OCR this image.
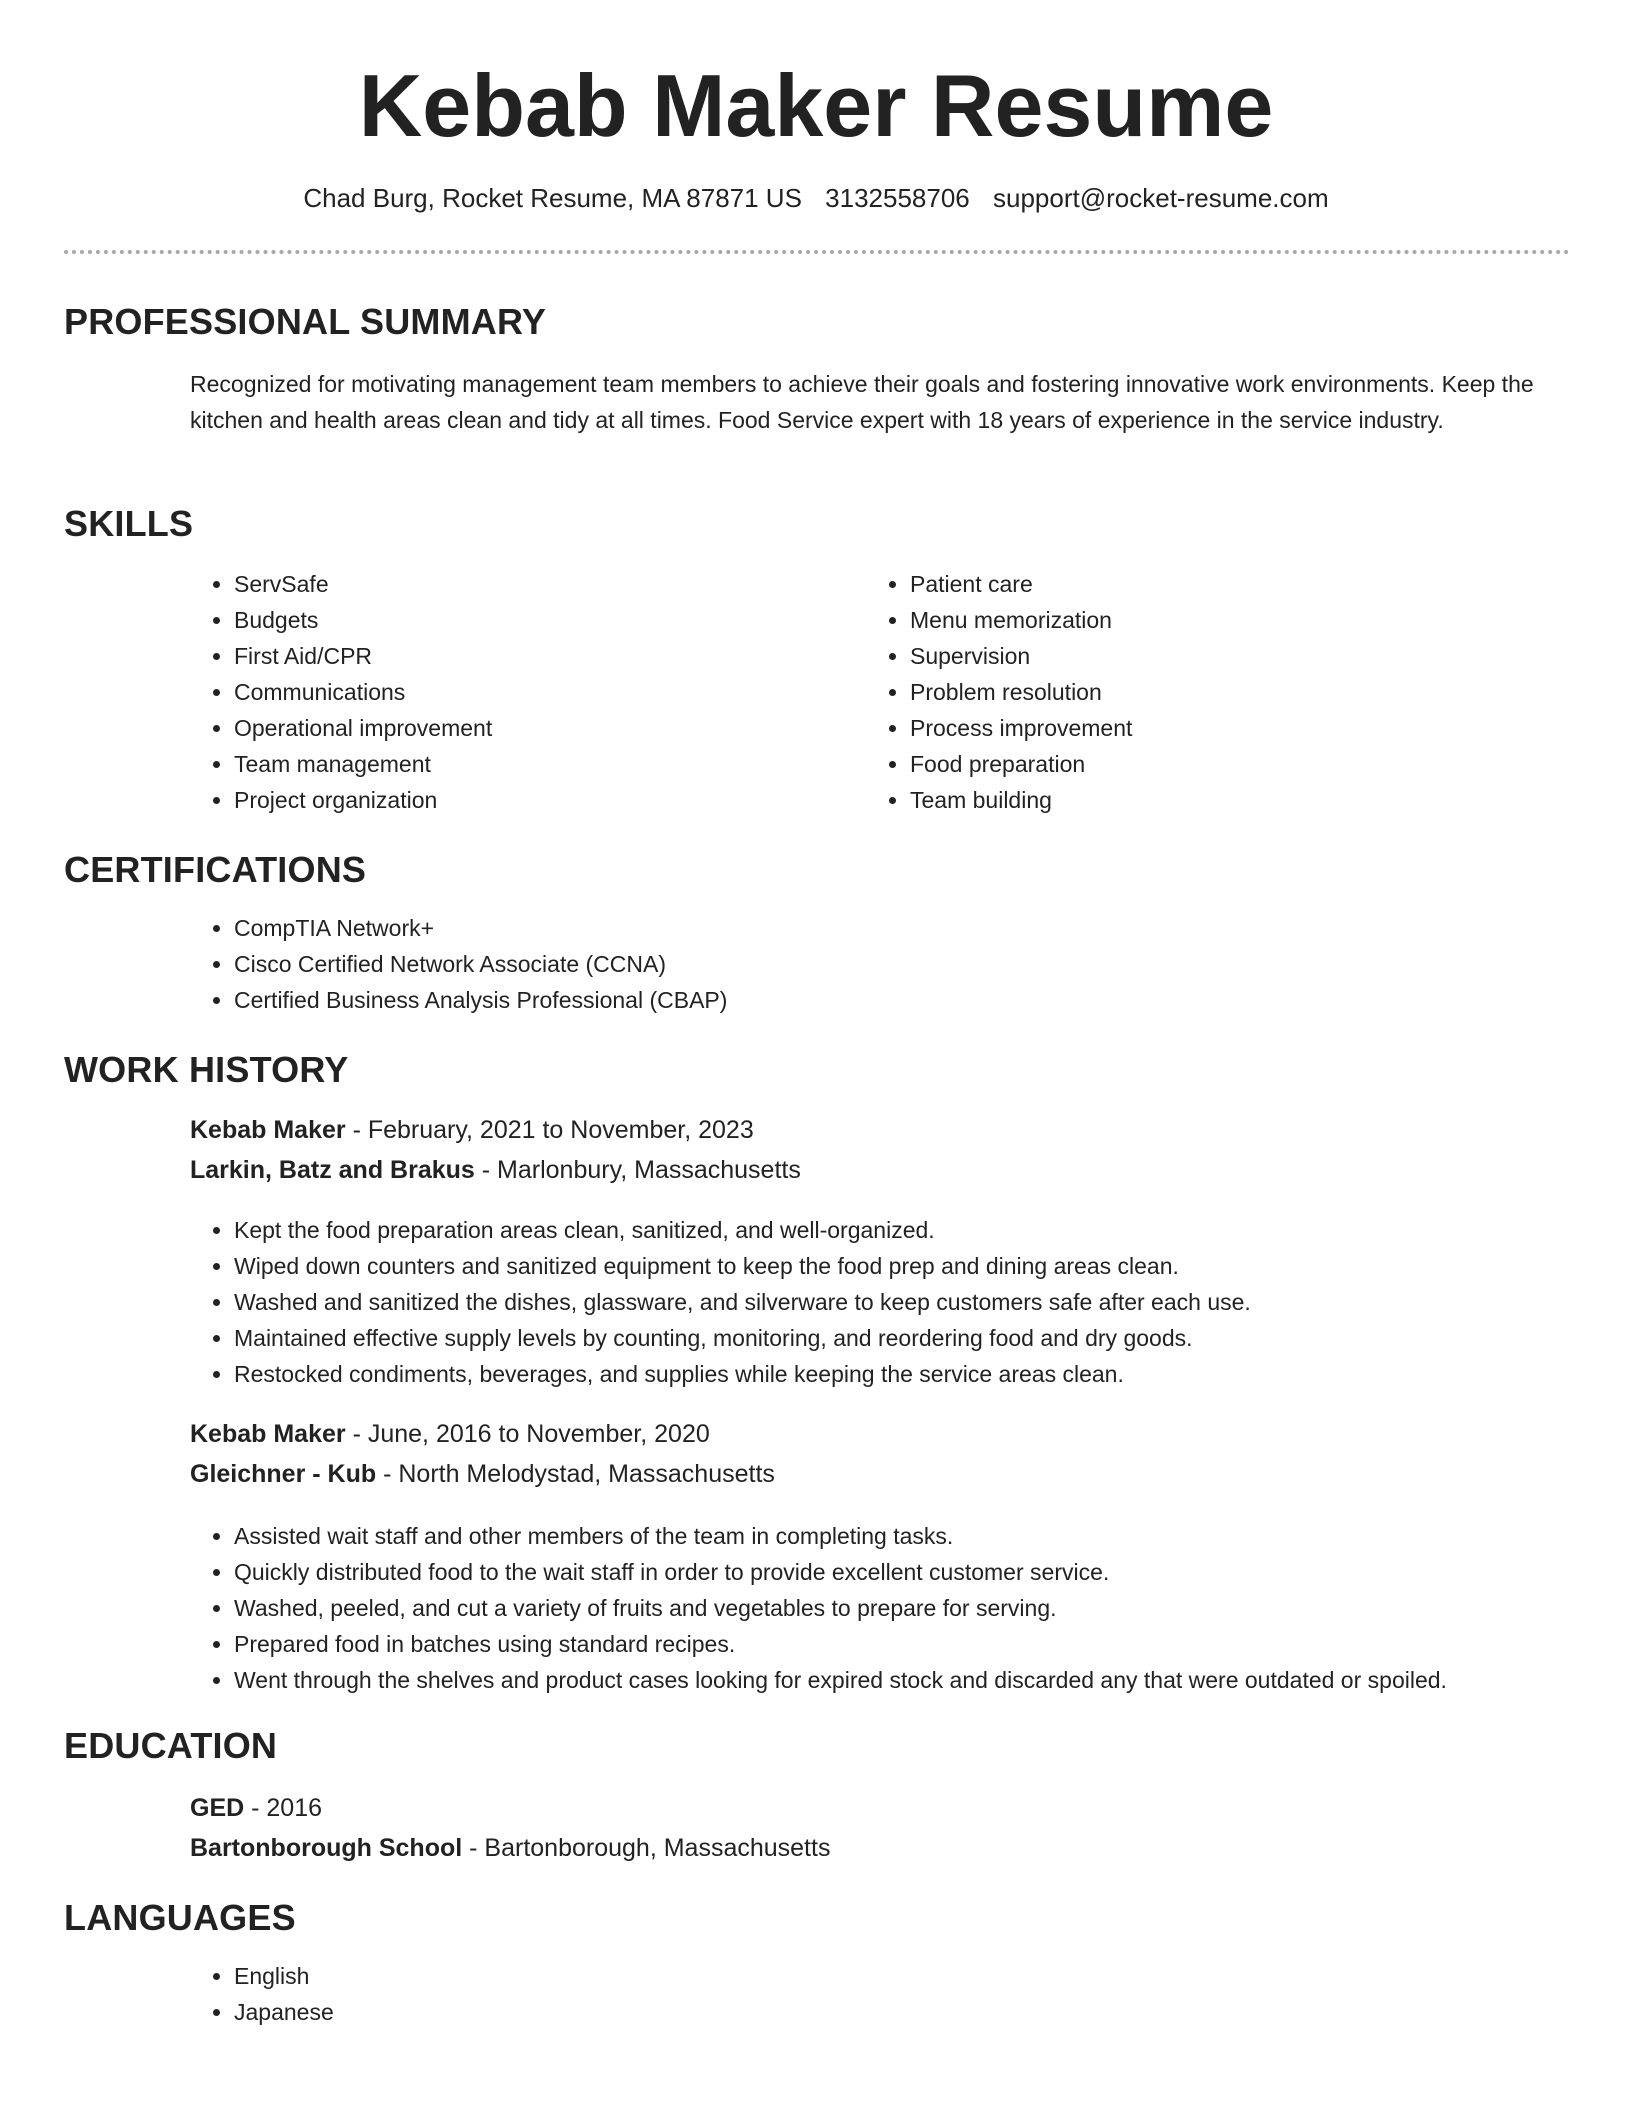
Kebab Maker Resume
Chad Burg, Rocket Resume, MA 87871 US 3132558706 support@rocket-resume.com
PROFESSIONAL SUMMARY

Recognized for motivating management team members to achieve their goals and fostering innovative work environments. Keep the kitchen and health areas clean and tidy at all times. Food Service expert with 18 years of experience in the service industry.

SKILLS
• ServSafe
• Budgets
• First Aid/CPR
• Communications
• Operational improvement
• Team management
• Project organization
• Patient care
• Menu memorization
• Supervision
• Problem resolution
• Process improvement
• Food preparation
• Team building
CERTIFICATIONS
• CompTIA Network+
• Cisco Certified Network Associate (CCNA)
• Certified Business Analysis Professional (CBAP)
WORK HISTORY

Kebab Maker - February, 2021 to November, 2023

Larkin, Batz and Brakus - Marlonbury, Massachusetts

• Kept the food preparation areas clean, sanitized, and well-organized.
• Wiped down counters and sanitized equipment to keep the food prep and dining areas clean.
• Washed and sanitized the dishes, glassware, and silverware to keep customers safe after each use.
• Maintained effective supply levels by counting, monitoring, and reordering food and dry goods.
• Restocked condiments, beverages, and supplies while keeping the service areas clean.

Kebab Maker - June, 2016 to November, 2020

Gleichner - Kub - North Melodystad, Massachusetts

• Assisted wait staff and other members of the team in completing tasks.
• Quickly distributed food to the wait staff in order to provide excellent customer service.
• Washed, peeled, and cut a variety of fruits and vegetables to prepare for serving.
• Prepared food in batches using standard recipes.
• Went through the shelves and product cases looking for expired stock and discarded any that were outdated or spoiled.
EDUCATION

GED - 2016

Bartonborough School - Bartonborough, Massachusetts

LANGUAGES
• English
• Japanese
